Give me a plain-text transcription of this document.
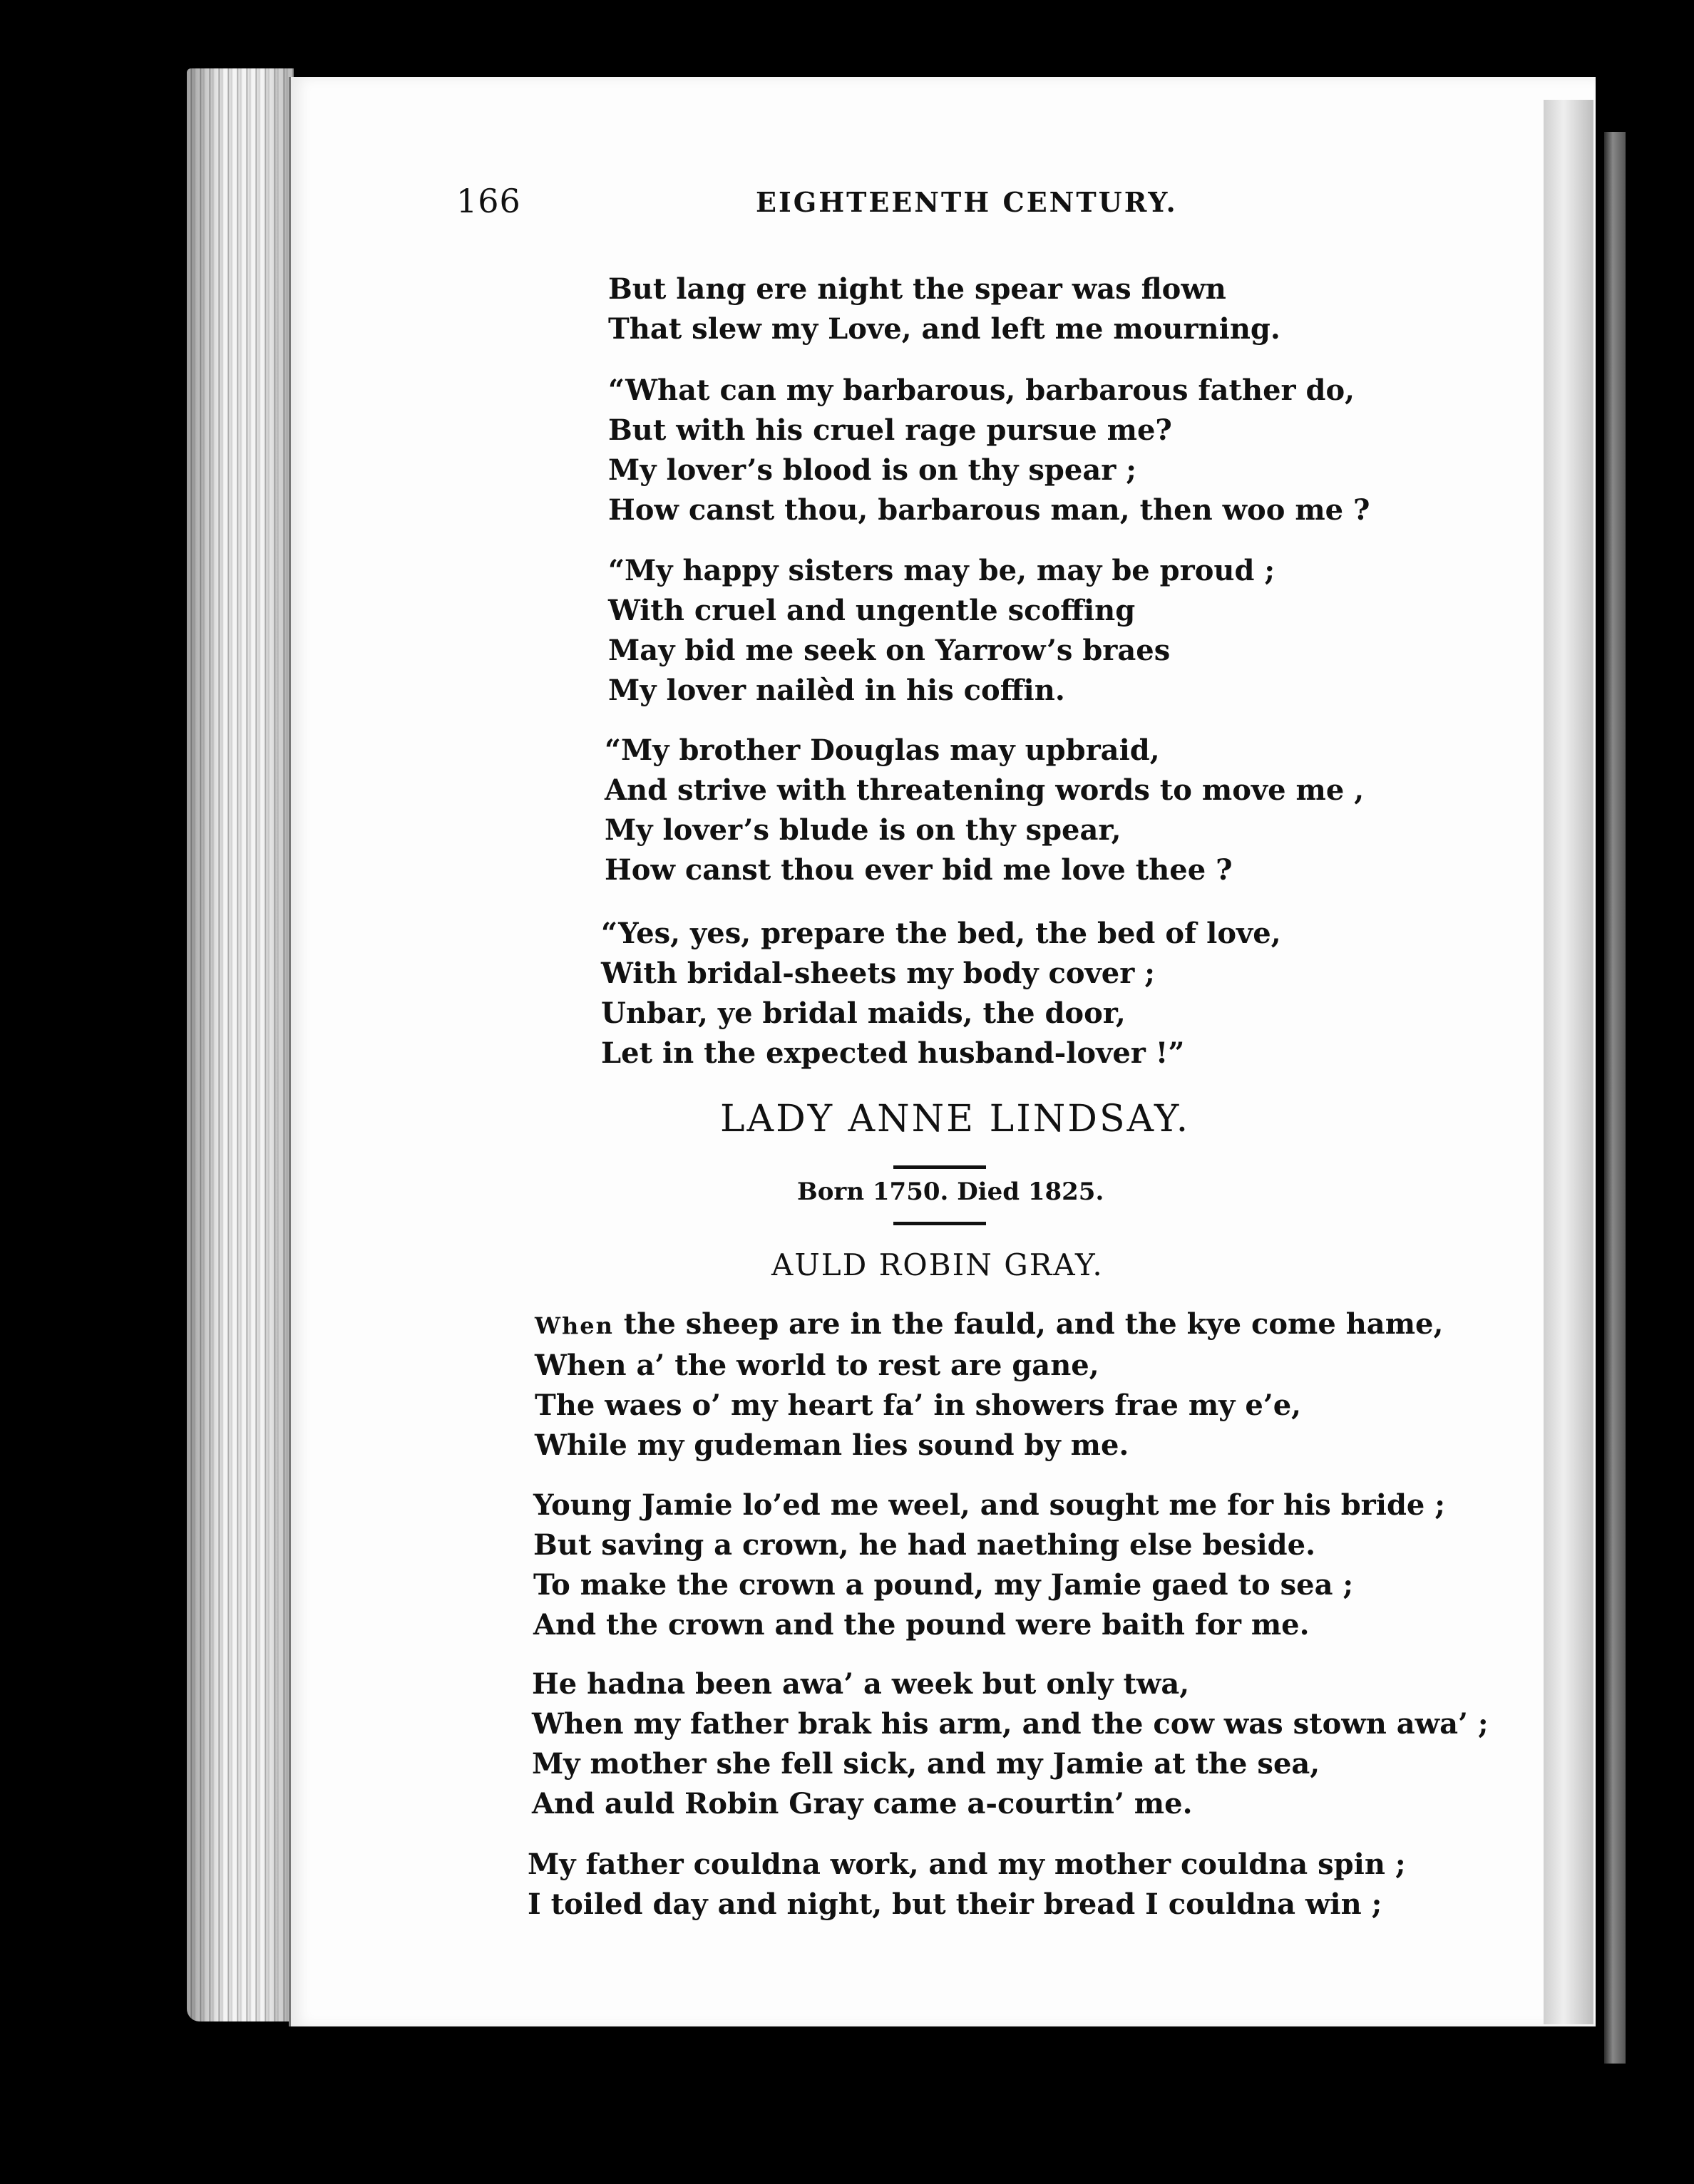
166	EIGHTEENTH CENTURY.
But lang ere night the spear was flown
That slew my Love, and left me mourning.
“What can my barbarous, barbarous father do,
But with his cruel rage pursue me?
My lover’s blood is on thy spear ;
How canst thou, barbarous man, then woo me ?
“My happy sisters may be, may be proud ;
With cruel and ungentle scoffing
May bid me seek on Yarrow’s braes
My lover nailèd in his coffin.
“My brother Douglas may upbraid,
And strive with threatening words to move me ,
My lover’s blude is on thy spear,
How canst thou ever bid me love thee ?
“Yes, yes, prepare the bed, the bed of love,
With bridal-sheets my body cover ;
Unbar, ye bridal maids, the door,
Let in the expected husband-lover !”
LADY ANNE LINDSAY.
Born 1750. Died 1825.
AULD ROBIN GRAY.
When the sheep are in the fauld, and the kye come hame,
When a’ the world to rest are gane,
The waes o’ my heart fa’ in showers frae my e’e,
While my gudeman lies sound by me.
Young Jamie lo’ed me weel, and sought me for his bride ;
But saving a crown, he had naething else beside.
To make the crown a pound, my Jamie gaed to sea ;
And the crown and the pound were baith for me.
He hadna been awa’ a week but only twa,
When my father brak his arm, and the cow was stown awa’ ;
My mother she fell sick, and my Jamie at the sea,
And auld Robin Gray came a-courtin’ me.
My father couldna work, and my mother couldna spin ;
I toiled day and night, but their bread I couldna win ;
